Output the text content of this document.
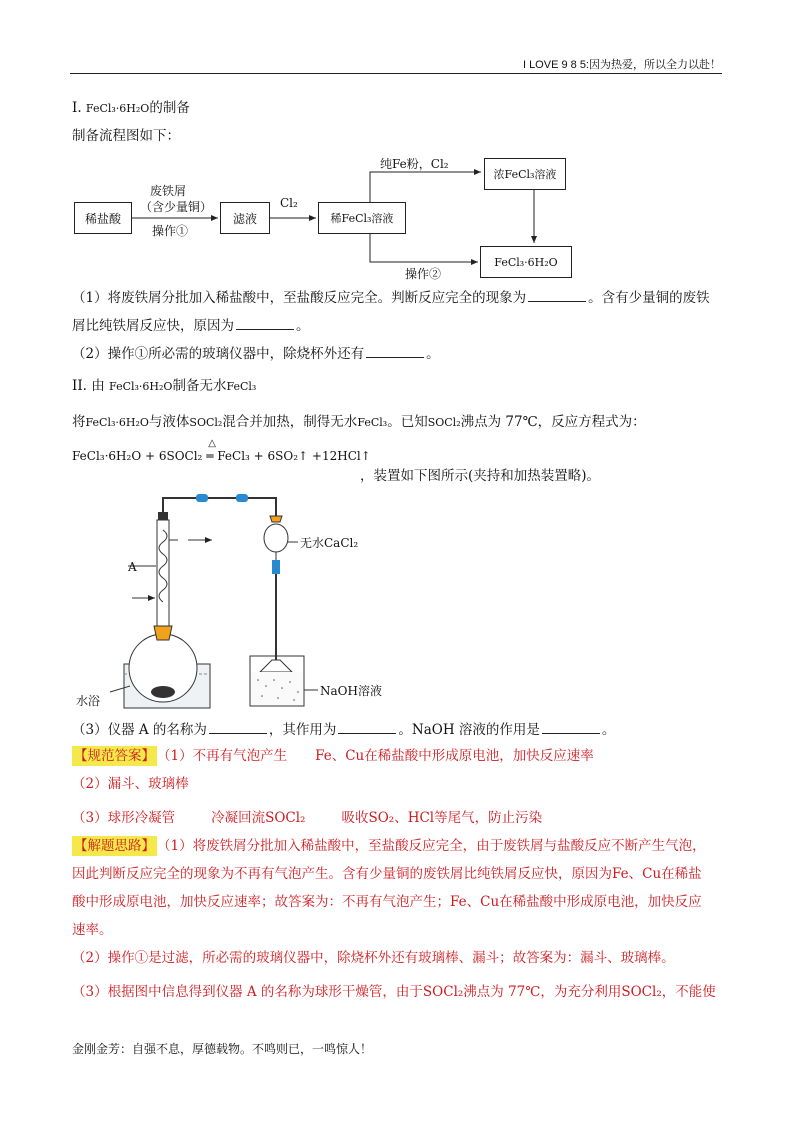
I LOVE 9 8 5:因为热爱，所以全力以赴！
I. FeCl₃·6H₂O的制备
制备流程图如下：
稀盐酸
废铁屑
（含少量铜）
操作①
滤液
Cl₂
稀FeCl₃溶液
纯Fe粉，Cl₂
浓FeCl₃溶液
操作②
FeCl₃·6H₂O
（1）将废铁屑分批加入稀盐酸中，至盐酸反应完全。判断反应完全的现象为	。含有少量铜的废铁
屑比纯铁屑反应快，原因为	。
（2）操作①所必需的玻璃仪器中，除烧杯外还有	。
II. 由 FeCl₃·6H₂O制备无水FeCl₃
将FeCl₃·6H₂O与液体SOCl₂混合并加热，制得无水FeCl₃。已知SOCl₂沸点为 77℃，反应方程式为：
FeCl₃·6H₂O + 6SOCl₂
△
═ FeCl₃ + 6SO₂↑ +12HCl↑
，装置如下图所示(夹持和加热装置略)。
A
无水CaCl₂
水浴
NaOH溶液
（3）仪器 A 的名称为	，其作用为	。NaOH 溶液的作用是	。
【规范答案】 （1）不再有气泡产生 Fe、Cu在稀盐酸中形成原电池，加快反应速率
（2）漏斗、玻璃棒
（3）球形冷凝管	冷凝回流SOCl₂	吸收SO₂、HCl等尾气，防止污染
【解题思路】 （1）将废铁屑分批加入稀盐酸中，至盐酸反应完全，由于废铁屑与盐酸反应不断产生气泡，
因此判断反应完全的现象为不再有气泡产生。含有少量铜的废铁屑比纯铁屑反应快，原因为Fe、Cu在稀盐
酸中形成原电池，加快反应速率；故答案为：不再有气泡产生；Fe、Cu在稀盐酸中形成原电池，加快反应
速率。
（2）操作①是过滤，所必需的玻璃仪器中，除烧杯外还有玻璃棒、漏斗；故答案为：漏斗、玻璃棒。
（3）根据图中信息得到仪器 A 的名称为球形干燥管，由于SOCl₂沸点为 77℃，为充分利用SOCl₂，不能使
金刚金芳：自强不息，厚德载物。不鸣则已，一鸣惊人！
